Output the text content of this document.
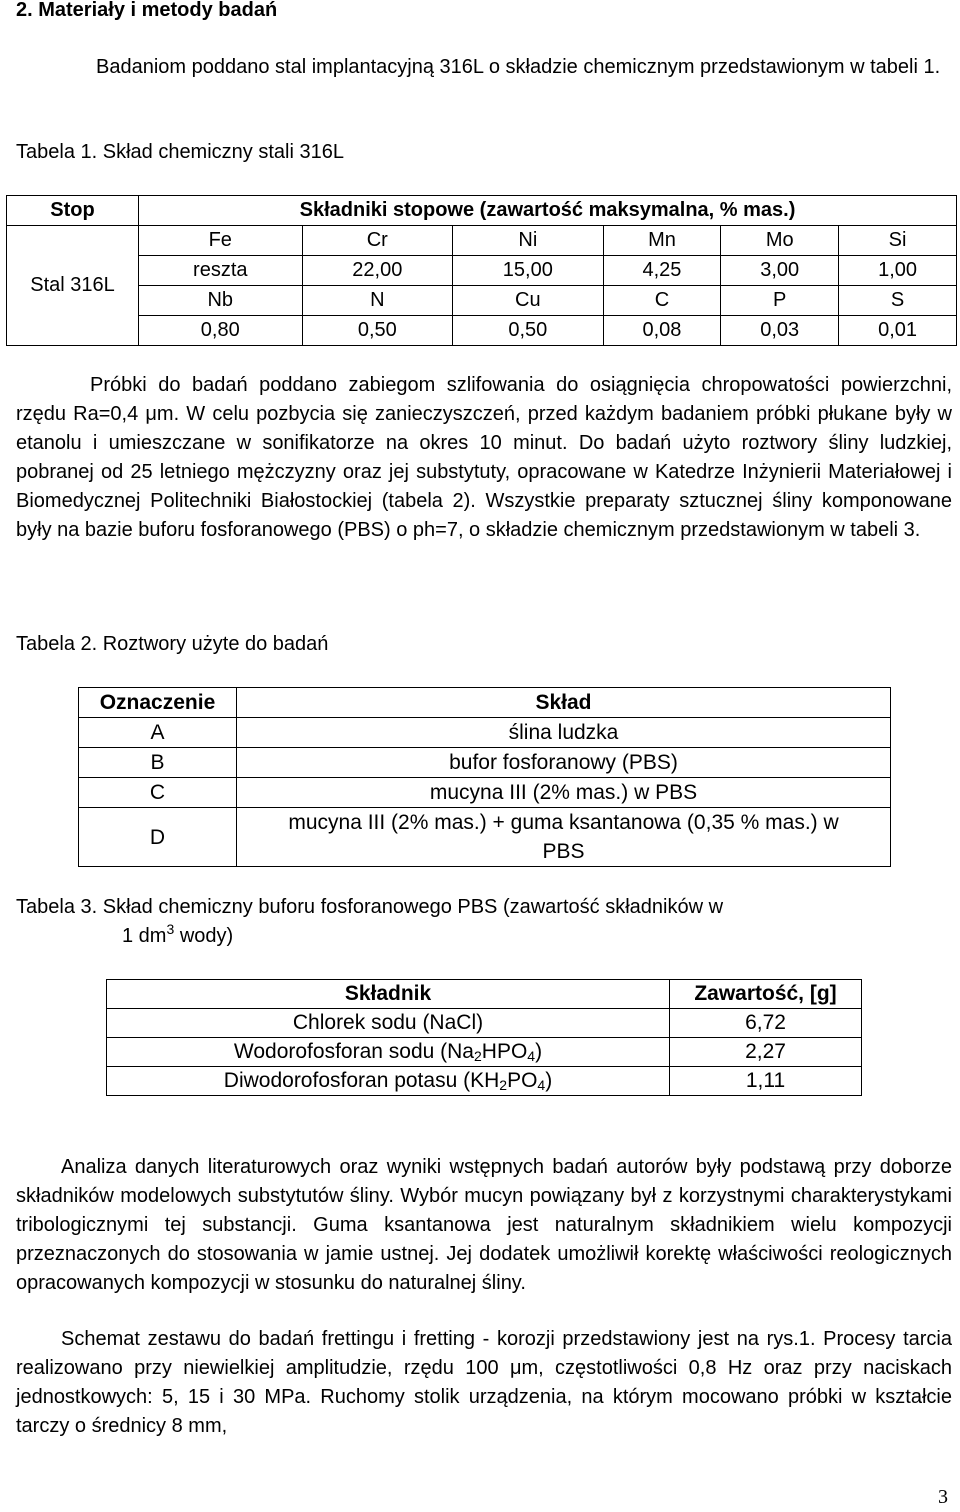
2. Materiały i metody badań
Badaniom poddano stal implantacyjną 316L o składzie chemicznym przedstawionym w tabeli 1.
Tabela 1. Skład chemiczny stali 316L
Stop	Składniki stopowe (zawartość maksymalna, % mas.)					
Stal 316L	Fe	Cr	Ni	Mn	Mo	Si
	reszta	22,00	15,00	4,25	3,00	1,00
	Nb	N	Cu	C	P	S
	0,80	0,50	0,50	0,08	0,03	0,01
Próbki do badań poddano zabiegom szlifowania do osiągnięcia chropowatości powierzchni, rzędu Ra=0,4 μm. W celu pozbycia się zanieczyszczeń, przed każdym badaniem próbki płukane były w etanolu i umieszczane w sonifikatorze na okres 10 minut. Do badań użyto roztwory śliny ludzkiej, pobranej od 25 letniego mężczyzny oraz jej substytuty, opracowane w Katedrze Inżynierii Materiałowej i Biomedycznej Politechniki Białostockiej (tabela 2). Wszystkie preparaty sztucznej śliny komponowane były na bazie buforu fosforanowego (PBS) o ph=7, o składzie chemicznym przedstawionym w tabeli 3.
Tabela 2. Roztwory użyte do badań
Oznaczenie	Skład
A	ślina ludzka
B	bufor fosforanowy (PBS)
C	mucyna III (2% mas.) w PBS
D	mucyna III (2% mas.) + guma ksantanowa (0,35 % mas.) w PBS
Tabela 3. Skład chemiczny buforu fosforanowego PBS (zawartość składników w
1 $dm^3$ wody)
Składnik	Zawartość, [g]
Chlorek sodu (NaCl)	6,72
Wodorofosforan sodu $(Na_2HPO_4)$	2,27
Diwodorofosforan potasu $(KH_2PO_4)$	1,11
Analiza danych literaturowych oraz wyniki wstępnych badań autorów były podstawą przy doborze składników modelowych substytutów śliny. Wybór mucyn powiązany był z korzystnymi charakterystykami tribologicznymi tej substancji. Guma ksantanowa jest naturalnym składnikiem wielu kompozycji przeznaczonych do stosowania w jamie ustnej. Jej dodatek umożliwił korektę właściwości reologicznych opracowanych kompozycji w stosunku do naturalnej śliny.
Schemat zestawu do badań frettingu i fretting - korozji przedstawiony jest na rys.1. Procesy tarcia realizowano przy niewielkiej amplitudzie, rzędu 100 μm, częstotliwości 0,8 Hz oraz przy naciskach jednostkowych: 5, 15 i 30 MPa. Ruchomy stolik urządzenia, na którym mocowano próbki w kształcie tarczy o średnicy 8 mm,
3
